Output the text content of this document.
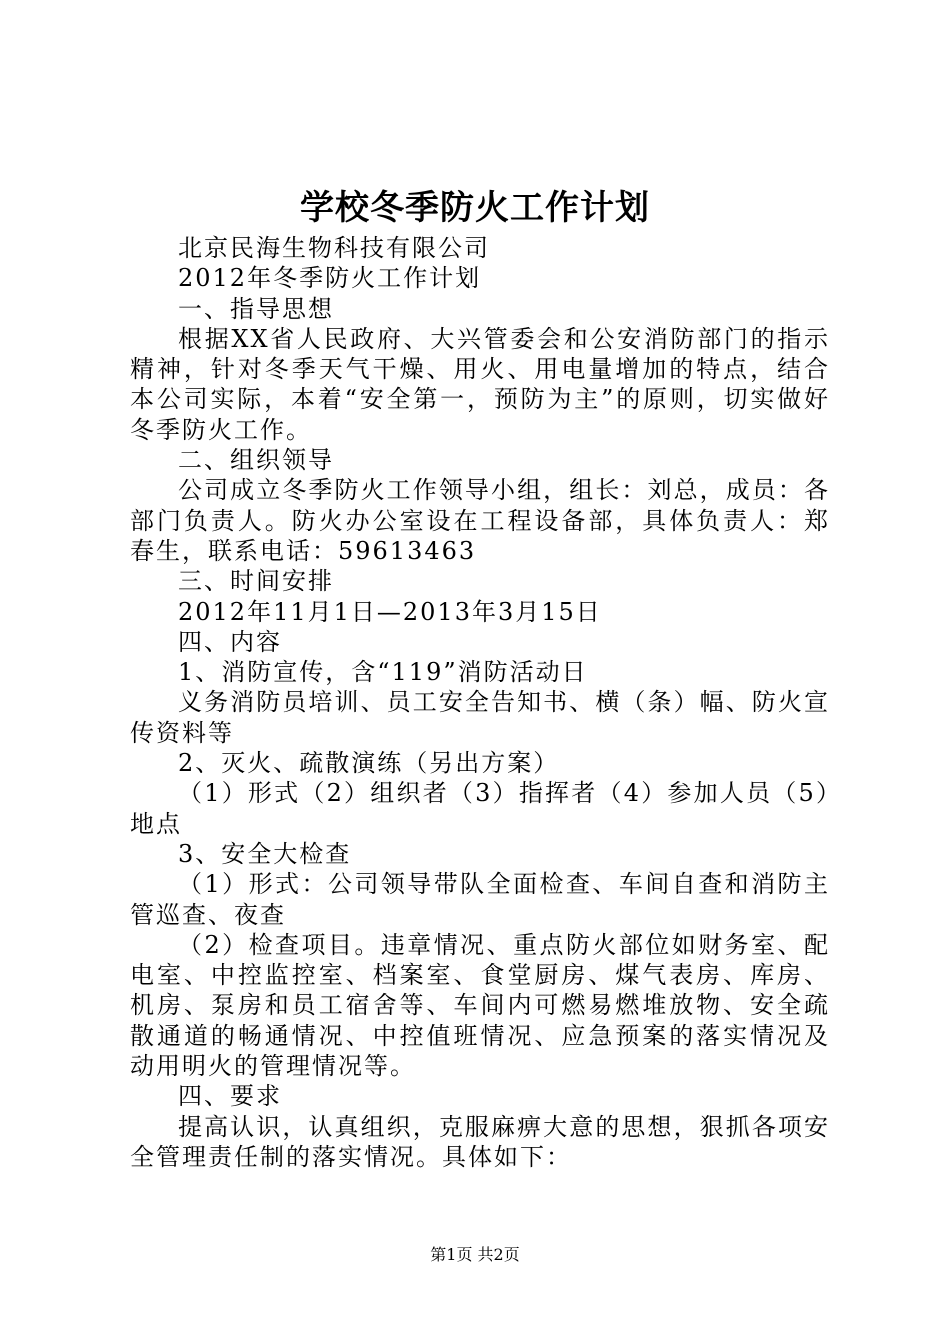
学校冬季防火工作计划

北京民海生物科技有限公司

2012年冬季防火工作计划

一、指导思想

根据XX省人民政府、大兴管委会和公安消防部门的指示精神，针对冬季天气干燥、用火、用电量增加的特点，结合本公司实际，本着“安全第一，预防为主”的原则，切实做好冬季防火工作。

二、组织领导

公司成立冬季防火工作领导小组，组长：刘总，成员：各部门负责人。防火办公室设在工程设备部，具体负责人：郑春生，联系电话：59613463

三、时间安排

2012年11月1日—2013年3月15日

四、内容

1、消防宣传，含“119”消防活动日

义务消防员培训、员工安全告知书、横（条）幅、防火宣传资料等

2、灭火、疏散演练（另出方案）

（1）形式（2）组织者（3）指挥者（4）参加人员（5）地点

3、安全大检查

（1）形式：公司领导带队全面检查、车间自查和消防主管巡查、夜查

（2）检查项目。违章情况、重点防火部位如财务室、配电室、中控监控室、档案室、食堂厨房、煤气表房、库房、机房、泵房和员工宿舍等、车间内可燃易燃堆放物、安全疏散通道的畅通情况、中控值班情况、应急预案的落实情况及动用明火的管理情况等。

四、要求

提高认识，认真组织，克服麻痹大意的思想，狠抓各项安全管理责任制的落实情况。具体如下：

第1页 共2页
